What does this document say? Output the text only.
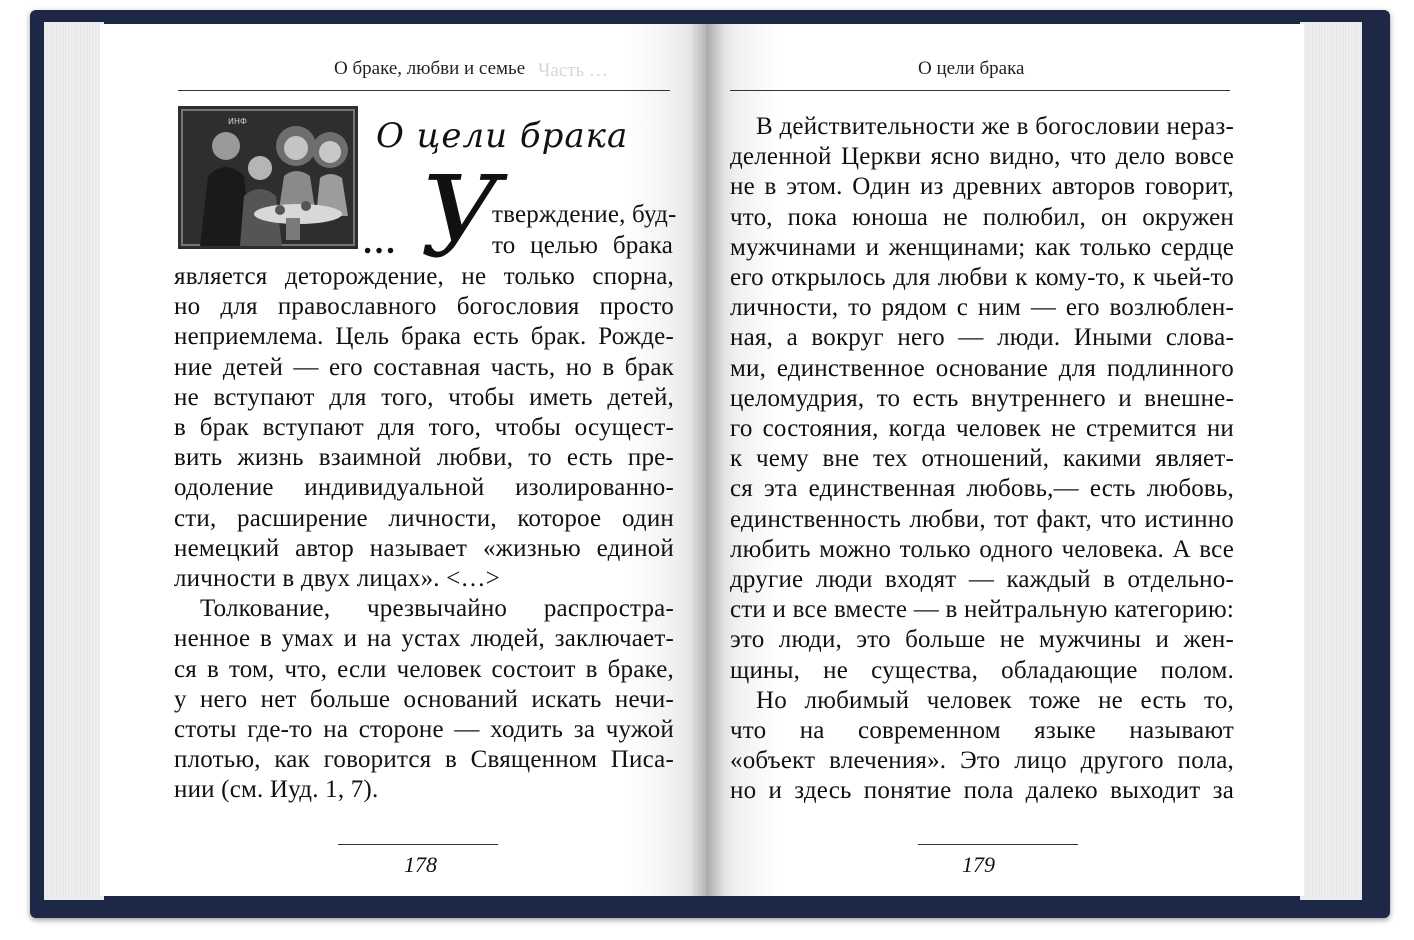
Часть …
О браке, любви и семье
ИНФ	О цели брака
… У
тверждение, буд-
то целью брака
является деторождение, не только спорна,
но для православного богословия просто
неприемлема. Цель брака есть брак. Рожде-
ние детей — его составная часть, но в брак
не вступают для того, чтобы иметь детей,
в брак вступают для того, чтобы осущест-
вить жизнь взаимной любви, то есть пре-
одоление индивидуальной изолированно-
сти, расширение личности, которое один
немецкий автор называет «жизнью единой
личности в двух лицах». <…>
Толкование, чрезвычайно распростра-
ненное в умах и на устах людей, заключает-
ся в том, что, если человек состоит в браке,
у него нет больше оснований искать нечи-
стоты где-то на стороне — ходить за чужой
плотью, как говорится в Священном Писа-
нии (см. Иуд. 1, 7).
178
О цели брака
В действительности же в богословии нераз-
деленной Церкви ясно видно, что дело вовсе
не в этом. Один из древних авторов говорит,
что, пока юноша не полюбил, он окружен
мужчинами и женщинами; как только сердце
его открылось для любви к кому-то, к чьей-то
личности, то рядом с ним — его возлюблен-
ная, а вокруг него — люди. Иными слова-
ми, единственное основание для подлинного
целомудрия, то есть внутреннего и внешне-
го состояния, когда человек не стремится ни
к чему вне тех отношений, какими являет-
ся эта единственная любовь,— есть любовь,
единственность любви, тот факт, что истинно
любить можно только одного человека. А все
другие люди входят — каждый в отдельно-
сти и все вместе — в нейтральную категорию:
это люди, это больше не мужчины и жен-
щины, не существа, обладающие полом.
Но любимый человек тоже не есть то,
что на современном языке называют
«объект влечения». Это лицо другого пола,
но и здесь понятие пола далеко выходит за
179
